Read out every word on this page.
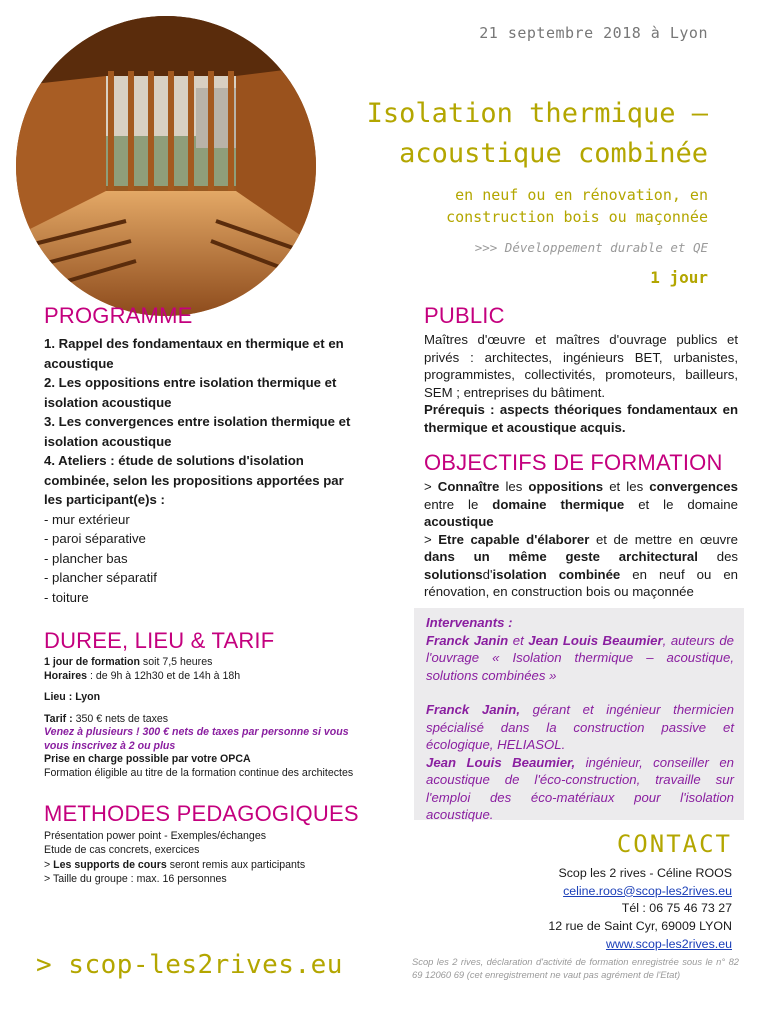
21 septembre 2018 à Lyon
Isolation thermique –
acoustique combinée
en neuf ou en rénovation, en
construction bois ou maçonnée
>>> Développement durable et QE
1 jour
PROGRAMME
1. Rappel des fondamentaux en thermique et en acoustique
2. Les oppositions entre isolation thermique et isolation acoustique
3. Les convergences entre isolation thermique et isolation acoustique
4. Ateliers : étude de solutions d'isolation combinée, selon les propositions apportées par les participant(e)s :
- mur extérieur
- paroi séparative
- plancher bas
- plancher séparatif
- toiture
PUBLIC
Maîtres d'œuvre et maîtres d'ouvrage publics et privés : architectes, ingénieurs BET, urbanistes, programmistes, collectivités, promoteurs, bailleurs, SEM ; entreprises du bâtiment.
Prérequis : aspects théoriques fondamentaux en thermique et acoustique acquis.
OBJECTIFS DE FORMATION
> Connaître les oppositions et les convergences entre le domaine thermique et le domaine acoustique
> Etre capable d'élaborer et de mettre en œuvre dans un même geste architectural des solutionsd'isolation combinée en neuf ou en rénovation, en construction bois ou maçonnée
Intervenants :
Franck Janin et Jean Louis Beaumier, auteurs de l'ouvrage « Isolation thermique – acoustique, solutions combinées »
Franck Janin, gérant et ingénieur thermicien spécialisé dans la construction passive et écologique, HELIASOL.
Jean Louis Beaumier, ingénieur, conseiller en acoustique de l'éco-construction, travaille sur l'emploi des éco-matériaux pour l'isolation acoustique.
DUREE, LIEU & TARIF
1 jour de formation soit 7,5 heures
Horaires : de 9h à 12h30 et de 14h à 18h
Lieu : Lyon
Tarif : 350 € nets de taxes
Venez à plusieurs ! 300 € nets de taxes par personne si vous vous inscrivez à 2 ou plus
Prise en charge possible par votre OPCA
Formation éligible au titre de la formation continue des architectes
METHODES PEDAGOGIQUES
Présentation power point - Exemples/échanges
Etude de cas concrets, exercices
> Les supports de cours seront remis aux participants
> Taille du groupe : max. 16 personnes
CONTACT
Scop les 2 rives - Céline ROOS
celine.roos@scop-les2rives.eu
Tél : 06 75 46 73 27
12 rue de Saint Cyr, 69009 LYON
www.scop-les2rives.eu
> scop-les2rives.eu	Scop les 2 rives, déclaration d'activité de formation enregistrée sous le n° 82 69 12060 69 (cet enregistrement ne vaut pas agrément de l'Etat)
